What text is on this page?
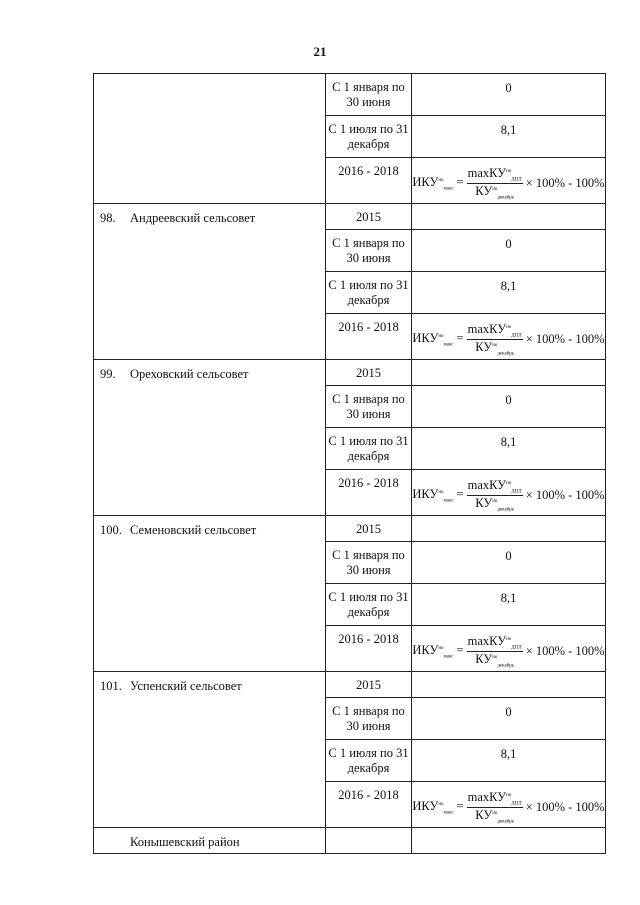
21
	С 1 января по 30 июня	0
	С 1 июля по 31 декабря	8,1
	2016 - 2018	$ИКУ^{но}_{макс} = \frac{\max КУ^{но}_{ДПЛ}}{КУ^{но}_{декабрь}} \times 100\% - 100\%$
98. Андреевский сельсовет	2015	
	С 1 января по 30 июня	0
	С 1 июля по 31 декабря	8,1
	2016 - 2018	$ИКУ^{но}_{макс} = \frac{\max КУ^{но}_{ДПЛ}}{КУ^{но}_{декабрь}} \times 100\% - 100\%$
99. Ореховский сельсовет	2015	
	С 1 января по 30 июня	0
	С 1 июля по 31 декабря	8,1
	2016 - 2018	$ИКУ^{но}_{макс} = \frac{\max КУ^{но}_{ДПЛ}}{КУ^{но}_{декабрь}} \times 100\% - 100\%$
100. Семеновский сельсовет	2015	
	С 1 января по 30 июня	0
	С 1 июля по 31 декабря	8,1
	2016 - 2018	$ИКУ^{но}_{макс} = \frac{\max КУ^{но}_{ДПЛ}}{КУ^{но}_{декабрь}} \times 100\% - 100\%$
101. Успенский сельсовет	2015	
	С 1 января по 30 июня	0
	С 1 июля по 31 декабря	8,1
	2016 - 2018	$ИКУ^{но}_{макс} = \frac{\max КУ^{но}_{ДПЛ}}{КУ^{но}_{декабрь}} \times 100\% - 100\%$
Конышевский район		
